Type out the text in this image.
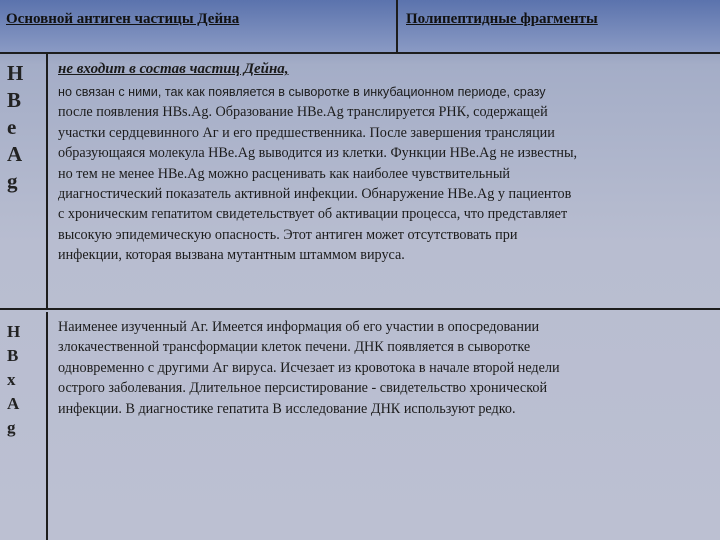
Основной антиген частицы Дейна	Полипептидные фрагменты
H
B
e
A
g
не входит в состав частиц Дейна,
но связан с ними, так как появляется в сыворотке в инкубационном периоде, сразу
после появления HBs.Ag. Образование HBe.Ag транслируется РНК, содержащей
участки сердцевинного Аг и его предшественника. После завершения трансляции
образующаяся молекула HBe.Ag выводится из клетки. Функции HBe.Ag не известны,
но тем не менее HBe.Ag можно расценивать как наиболее чувствительный
диагностический показатель активной инфекции. Обнаружение HBe.Ag у пациентов
с хроническим гепатитом свидетельствует об активации процесса, что представляет
высокую эпидемическую опасность. Этот антиген может отсутствовать при
инфекции, которая вызвана мутантным штаммом вируса.
H
B
x
A
g
Наименее изученный Аг. Имеется информация об его участии в опосредовании
злокачественной трансформации клеток печени. ДНК появляется в сыворотке
одновременно с другими Аг вируса. Исчезает из кровотока в начале второй недели
острого заболевания. Длительное персистирование - свидетельство хронической
инфекции. В диагностике гепатита В исследование ДНК используют редко.
